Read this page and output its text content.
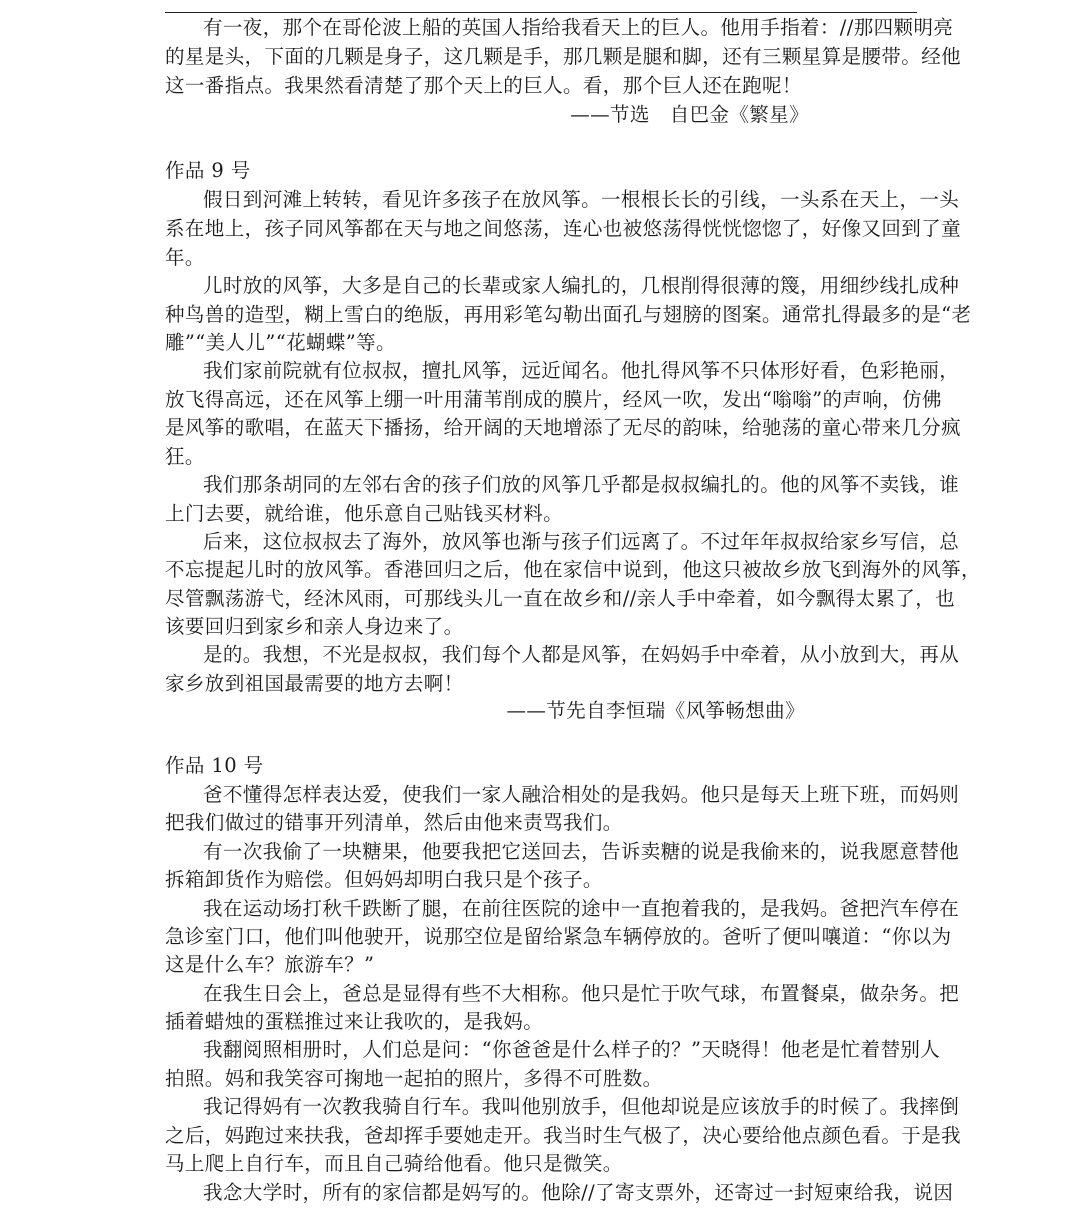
有一夜，那个在哥伦波上船的英国人指给我看天上的巨人。他用手指着：//那四颗明亮
的星是头，下面的几颗是身子，这几颗是手，那几颗是腿和脚，还有三颗星算是腰带。经他
这一番指点。我果然看清楚了那个天上的巨人。看，那个巨人还在跑呢！
——节选　自巴金《繁星》
作品 9 号
假日到河滩上转转，看见许多孩子在放风筝。一根根长长的引线，一头系在天上，一头
系在地上，孩子同风筝都在天与地之间悠荡，连心也被悠荡得恍恍惚惚了，好像又回到了童
年。
儿时放的风筝，大多是自己的长辈或家人编扎的，几根削得很薄的篾，用细纱线扎成种
种鸟兽的造型，糊上雪白的绝版，再用彩笔勾勒出面孔与翅膀的图案。通常扎得最多的是“老
雕”“美人儿”“花蝴蝶”等。
我们家前院就有位叔叔，擅扎风筝，远近闻名。他扎得风筝不只体形好看，色彩艳丽，
放飞得高远，还在风筝上绷一叶用蒲苇削成的膜片，经风一吹，发出“嗡嗡”的声响，仿佛
是风筝的歌唱，在蓝天下播扬，给开阔的天地增添了无尽的韵味，给驰荡的童心带来几分疯
狂。
我们那条胡同的左邻右舍的孩子们放的风筝几乎都是叔叔编扎的。他的风筝不卖钱，谁
上门去要，就给谁，他乐意自己贴钱买材料。
后来，这位叔叔去了海外，放风筝也渐与孩子们远离了。不过年年叔叔给家乡写信，总
不忘提起儿时的放风筝。香港回归之后，他在家信中说到，他这只被故乡放飞到海外的风筝，
尽管飘荡游弋，经沐风雨，可那线头儿一直在故乡和//亲人手中牵着，如今飘得太累了，也
该要回归到家乡和亲人身边来了。
是的。我想，不光是叔叔，我们每个人都是风筝，在妈妈手中牵着，从小放到大，再从
家乡放到祖国最需要的地方去啊！
——节先自李恒瑞《风筝畅想曲》
作品 10 号
爸不懂得怎样表达爱，使我们一家人融洽相处的是我妈。他只是每天上班下班，而妈则
把我们做过的错事开列清单，然后由他来责骂我们。
有一次我偷了一块糖果，他要我把它送回去，告诉卖糖的说是我偷来的，说我愿意替他
拆箱卸货作为赔偿。但妈妈却明白我只是个孩子。
我在运动场打秋千跌断了腿，在前往医院的途中一直抱着我的，是我妈。爸把汽车停在
急诊室门口，他们叫他驶开，说那空位是留给紧急车辆停放的。爸听了便叫嚷道：“你以为
这是什么车？旅游车？”
在我生日会上，爸总是显得有些不大相称。他只是忙于吹气球，布置餐桌，做杂务。把
插着蜡烛的蛋糕推过来让我吹的，是我妈。
我翻阅照相册时，人们总是问：“你爸爸是什么样子的？”天晓得！他老是忙着替别人
拍照。妈和我笑容可掬地一起拍的照片，多得不可胜数。
我记得妈有一次教我骑自行车。我叫他别放手，但他却说是应该放手的时候了。我摔倒
之后，妈跑过来扶我，爸却挥手要她走开。我当时生气极了，决心要给他点颜色看。于是我
马上爬上自行车，而且自己骑给他看。他只是微笑。
我念大学时，所有的家信都是妈写的。他除//了寄支票外，还寄过一封短柬给我，说因
